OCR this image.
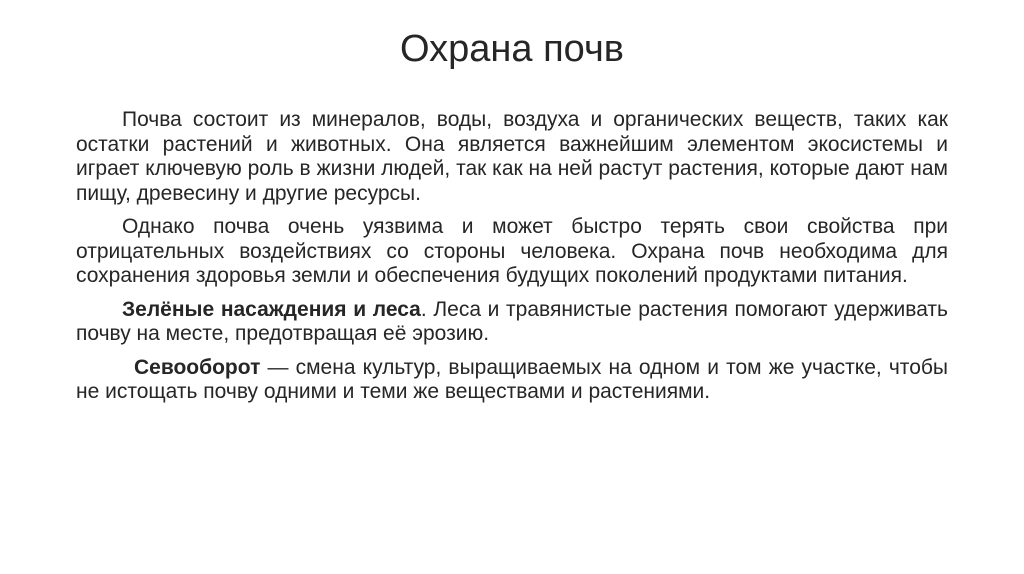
Охрана почв

Почва состоит из минералов, воды, воздуха и органических веществ, таких как остатки растений и животных. Она является важнейшим элементом экосистемы и играет ключевую роль в жизни людей, так как на ней растут растения, которые дают нам пищу, древесину и другие ресурсы.

Однако почва очень уязвима и может быстро терять свои свойства при отрицательных воздействиях со стороны человека. Охрана почв необходима для сохранения здоровья земли и обеспечения будущих поколений продуктами питания.

Зелёные насаждения и леса. Леса и травянистые растения помогают удерживать почву на месте, предотвращая её эрозию.

Севооборот — смена культур, выращиваемых на одном и том же участке, чтобы не истощать почву одними и теми же веществами и растениями.
